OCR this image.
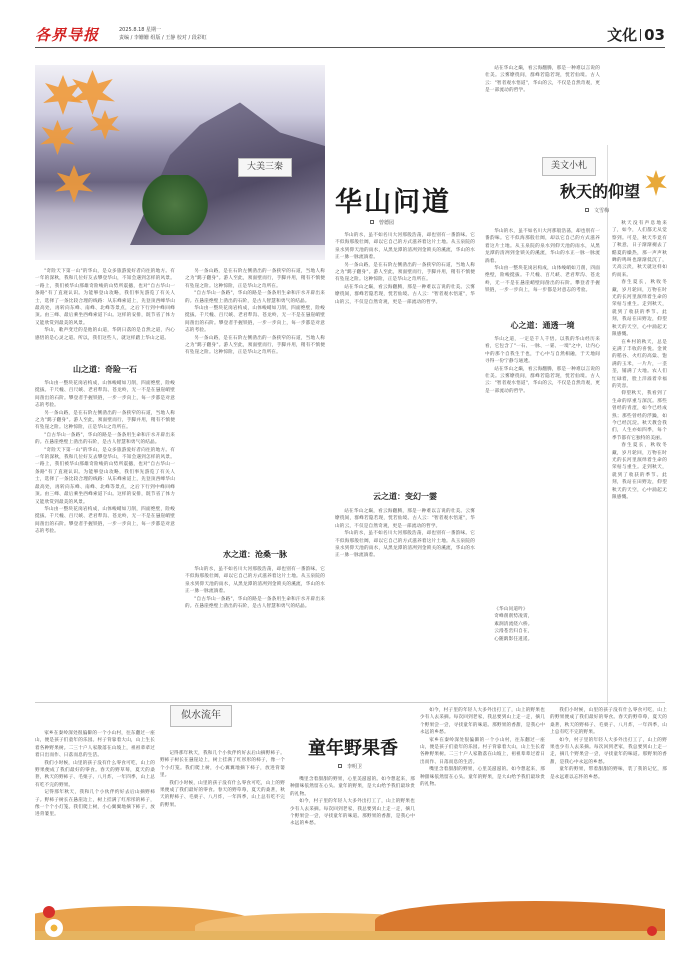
各界导报	2025.8.18 星期一
责编 / 李姗姗 组版 / 王静 校对 / 段彩虹	文化 03
大美三秦
华山问道
曾德园

"奇险天下第一山"的华山，是众多旅游爱好者向往的地方。有一年的深秋，我和几位好友去攀登华山，不知会遇到怎样的风景。一路上，我们被华山那雄奇险峻的山势所震撼，也对"自古华山一条路"有了直观认识。为能够登山攻略，我们事先游览了有关人士，选择了一条比较合理的线路：从东峰索道上，先登顶西峰华山最高处，再转向东峰、南峰、北峰等景点，之后下行到中峰回峰顶。由三峰、最后乘坐西峰索道下山。这样的安排，既节省了体力又能欣赏到最美的风景。

华山，歌声变迁的是他的山道，华阴日落的是自然之道，内心感悟的是心灵之道。所以，我们这些人，就这样踏上华山之道。

山之道：奇险一石

华山由一整块花岗岩构成，山体峻峭如刀削，四面绝壁，险峻挺拔。千尺幢、百尺峡、老君犁沟、苍龙岭，无一不是在悬崖峭壁间凿出的石阶。攀登者手握铁链，一步一步向上，每一步都是对意志的考验。

另一条山路，是在石阶左侧凿出的一条狭窄的石道，当地人称之为"鹞子翻身"。游人至此，须面壁而行，手脚并用，稍有不慎便有坠崖之险。这种惊险，正是华山之奇所在。

"自古华山一条路"，华山的路是一条条用生命和汗水开辟出来的。在悬崖绝壁上凿出的石阶，是古人智慧和勇气的结晶。

"奇险天下第一山"的华山，是众多旅游爱好者向往的地方。有一年的深秋，我和几位好友去攀登华山，不知会遇到怎样的风景。一路上，我们被华山那雄奇险峻的山势所震撼，也对"自古华山一条路"有了直观认识。为能够登山攻略，我们事先游览了有关人士，选择了一条比较合理的线路：从东峰索道上，先登顶西峰华山最高处，再转向东峰、南峰、北峰等景点，之后下行到中峰回峰顶。由三峰、最后乘坐西峰索道下山。这样的安排，既节省了体力又能欣赏到最美的风景。

华山由一整块花岗岩构成，山体峻峭如刀削，四面绝壁，险峻挺拔。千尺幢、百尺峡、老君犁沟、苍龙岭，无一不是在悬崖峭壁间凿出的石阶。攀登者手握铁链，一步一步向上，每一步都是对意志的考验。

另一条山路，是在石阶左侧凿出的一条狭窄的石道，当地人称之为"鹞子翻身"。游人至此，须面壁而行，手脚并用，稍有不慎便有坠崖之险。这种惊险，正是华山之奇所在。

"自古华山一条路"，华山的路是一条条用生命和汗水开辟出来的。在悬崖绝壁上凿出的石阶，是古人智慧和勇气的结晶。

华山由一整块花岗岩构成，山体峻峭如刀削，四面绝壁，险峻挺拔。千尺幢、百尺峡、老君犁沟、苍龙岭，无一不是在悬崖峭壁间凿出的石阶。攀登者手握铁链，一步一步向上，每一步都是对意志的考验。

另一条山路，是在石阶左侧凿出的一条狭窄的石道，当地人称之为"鹞子翻身"。游人至此，须面壁而行，手脚并用，稍有不慎便有坠崖之险。这种惊险，正是华山之奇所在。

水之道：沧桑一脉

华山的水，虽不如名川大河那般浩荡，却也别有一番韵味。它不似海那般壮阔，却以它自己的方式滋养着这片土地。从玉泉院的泉水到仰天池的雨水，从黑龙潭的清冽到金锁关的溪流，华山的水正一脉一脉流淌着。

"自古华山一条路"，华山的路是一条条用生命和汗水开辟出来的。在悬崖绝壁上凿出的石阶，是古人智慧和勇气的结晶。

华山的水，虽不如名川大河那般浩荡，却也别有一番韵味。它不似海那般壮阔，却以它自己的方式滋养着这片土地。从玉泉院的泉水到仰天池的雨水，从黑龙潭的清冽到金锁关的溪流，华山的水正一脉一脉流淌着。

另一条山路，是在石阶左侧凿出的一条狭窄的石道，当地人称之为"鹞子翻身"。游人至此，须面壁而行，手脚并用，稍有不慎便有坠崖之险。这种惊险，正是华山之奇所在。

站在华山之巅，看云海翻腾，那是一种难以言说的壮美。云雾缭绕间，群峰若隐若现，恍若仙境。古人云："智者观水悟道"，华山的云，不仅是自然奇观，更是一部流动的哲学。

云之道：变幻一霎

站在华山之巅，看云海翻腾，那是一种难以言说的壮美。云雾缭绕间，群峰若隐若现，恍若仙境。古人云："智者观水悟道"，华山的云，不仅是自然奇观，更是一部流动的哲学。

华山的水，虽不如名川大河那般浩荡，却也别有一番韵味。它不似海那般壮阔，却以它自己的方式滋养着这片土地。从玉泉院的泉水到仰天池的雨水，从黑龙潭的清冽到金锁关的溪流，华山的水正一脉一脉流淌着。

站在华山之巅，看云海翻腾，那是一种难以言说的壮美。云雾缭绕间，群峰若隐若现，恍若仙境。古人云："智者观水悟道"，华山的云，不仅是自然奇观，更是一部流动的哲学。

华山的水，虽不如名川大河那般浩荡，却也别有一番韵味。它不似海那般壮阔，却以它自己的方式滋养着这片土地。从玉泉院的泉水到仰天池的雨水，从黑龙潭的清冽到金锁关的溪流，华山的水正一脉一脉流淌着。

华山由一整块花岗岩构成，山体峻峭如刀削，四面绝壁，险峻挺拔。千尺幢、百尺峡、老君犁沟、苍龙岭，无一不是在悬崖峭壁间凿出的石阶。攀登者手握铁链，一步一步向上，每一步都是对意志的考验。

心之道：通透一境

华山之道，一定是千人千悟。以我的华山经历来看，它包含了"一石、一脉、一霎、一境"之中，让内心中的那个自我生于也，于心中与自然相融，于天地间寻得一份宁静与通透。

站在华山之巅，看云海翻腾，那是一种难以言说的壮美。云雾缭绕间，群峰若隐若现，恍若仙境。古人云："智者观水悟道"，华山的云，不仅是自然奇观，更是一部流动的哲学。

《华山问道吟》

奇峰削削势凌霄，

素涧清流绕六桥。

云漫苍峦归自在，

心随鹞影任逍遥。

美文小札
秋天的仰望
文雪梅

秋天没有声息地来了，如今，人们都无从觉察到。可是，秋天毕竟有了秋意，日子渐渐褪去了酷夏的燥热，那一声声秋蝉的鸣叫也渐渐低沉了，天高云淡，秋天就这样如约而来。

春生夏长，秋收冬藏，岁月轮回，万物在时光的长河里演绎着生命的荣枯与重生。走到秋天，就到了收获的季节。此刻，我站在田野边，仰望秋天的天空，心中涌起无限感慨。

在乡村的秋天，总是充满了丰收的喜悦。金黄的稻谷、火红的高粱、饱满的玉米，一片片，一垄垄，铺满了大地。农人们忙碌着，脸上洋溢着幸福的笑容。

仰望秋天，我看到了生命的厚重与深沉。那些曾经的青涩，如今已经成熟；那些曾经的浮躁，如今已经沉淀。秋天教会我们，人生亦如四季，每个季节都有它独特的美丽。

春生夏长，秋收冬藏，岁月轮回，万物在时光的长河里演绎着生命的荣枯与重生。走到秋天，就到了收获的季节。此刻，我站在田野边，仰望秋天的天空，心中涌起无限感慨。

似水流年
童年野果香
李明卫

家乡在秦岭深处很偏僻的一个小山村，往东翻过一座山，便是孩子们童年的乐园。村子背靠着大山，山上生长着各种野果树。二三十户人家散落在山坡上，祖祖辈辈过着日出而作、日落而息的生活。

我们小时候，山里的孩子没有什么零食可吃，山上的野果便成了我们最好的零食。春天的野草莓，夏天的桑葚，秋天的野柿子、毛栗子、八月炸，一年四季，山上总有吃不完的野果。

记得那年秋天，我和几个小伙伴约好去后山摘野柿子。野柿子树长在悬崖边上，树上挂满了红彤彤的柿子，像一个个小灯笼。我们爬上树，小心翼翼地摘下柿子，放进背篓里。

记得那年秋天，我和几个小伙伴约好去后山摘野柿子。野柿子树长在悬崖边上，树上挂满了红彤彤的柿子，像一个个小灯笼。我们爬上树，小心翼翼地摘下柿子，放进背篓里。

我们小时候，山里的孩子没有什么零食可吃，山上的野果便成了我们最好的零食。春天的野草莓，夏天的桑葚，秋天的野柿子、毛栗子、八月炸，一年四季，山上总有吃不完的野果。

嘴里含着甜甜的野果，心里美滋滋的。如今想起来，那种甜味依然留在心头。童年的野果，是大山给予我们最珍贵的礼物。

如今，村子里的年轻人大多外出打工了，山上的野果也少有人去采摘。每次回到老家，我总要到山上走一走，摘几个野果尝一尝，寻找童年的味道。那野果的香甜，是我心中永远的乡愁。

如今，村子里的年轻人大多外出打工了，山上的野果也少有人去采摘。每次回到老家，我总要到山上走一走，摘几个野果尝一尝，寻找童年的味道。那野果的香甜，是我心中永远的乡愁。

家乡在秦岭深处很偏僻的一个小山村，往东翻过一座山，便是孩子们童年的乐园。村子背靠着大山，山上生长着各种野果树。二三十户人家散落在山坡上，祖祖辈辈过着日出而作、日落而息的生活。

嘴里含着甜甜的野果，心里美滋滋的。如今想起来，那种甜味依然留在心头。童年的野果，是大山给予我们最珍贵的礼物。

我们小时候，山里的孩子没有什么零食可吃，山上的野果便成了我们最好的零食。春天的野草莓，夏天的桑葚，秋天的野柿子、毛栗子、八月炸，一年四季，山上总有吃不完的野果。

如今，村子里的年轻人大多外出打工了，山上的野果也少有人去采摘。每次回到老家，我总要到山上走一走，摘几个野果尝一尝，寻找童年的味道。那野果的香甜，是我心中永远的乡愁。

童年的野果，带着甜甜的野味，装了我的记忆，那是永远难以忘怀的乡愁。
